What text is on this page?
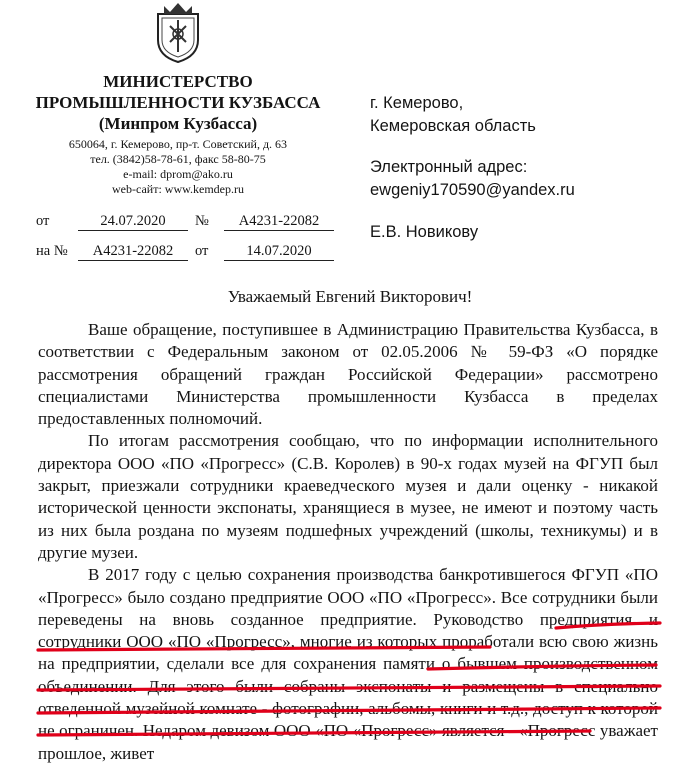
МИНИСТЕРСТВО
ПРОМЫШЛЕННОСТИ КУЗБАССА
(Минпром Кузбасса)
650064, г. Кемерово, пр-т. Советский, д. 63
тел. (3842)58-78-61, факс 58-80-75
e-mail: dprom@ako.ru
web-сайт: www.kemdep.ru
г. Кемерово,
Кемеровская область
Электронный адрес:
ewgeniy170590@yandex.ru
Е.В. Новикову
от	24.07.2020	№	А4231-22082
на №	А4231-22082	от	14.07.2020
Уважаемый Евгений Викторович!

Ваше обращение, поступившее в Администрацию Правительства Кузбасса, в соответствии с Федеральным законом от 02.05.2006 № 59-ФЗ «О порядке рассмотрения обращений граждан Российской Федерации» рассмотрено специалистами Министерства промышленности Кузбасса в пределах предоставленных полномочий.

По итогам рассмотрения сообщаю, что по информации исполнительного директора ООО «ПО «Прогресс» (С.В. Королев) в 90-х годах музей на ФГУП был закрыт, приезжали сотрудники краеведческого музея и дали оценку - никакой исторической ценности экспонаты, хранящиеся в музее, не имеют и поэтому часть из них была роздана по музеям подшефных учреждений (школы, техникумы) и в другие музеи.

В 2017 году с целью сохранения производства банкротившегося ФГУП «ПО «Прогресс» было создано предприятие ООО «ПО «Прогресс». Все сотрудники были переведены на вновь созданное предприятие. Руководство предприятия и сотрудники ООО «ПО «Прогресс», многие из которых проработали всю свою жизнь на предприятии, сделали все для сохранения памяти о бывшем производственном объединении. Для этого были собраны экспонаты и размещены в специально отведенной музейной комнате - фотографии, альбомы, книги и т.д., доступ к которой не ограничен. Недаром девизом ООО «ПО «Прогресс» является - «Прогресс уважает прошлое, живет
